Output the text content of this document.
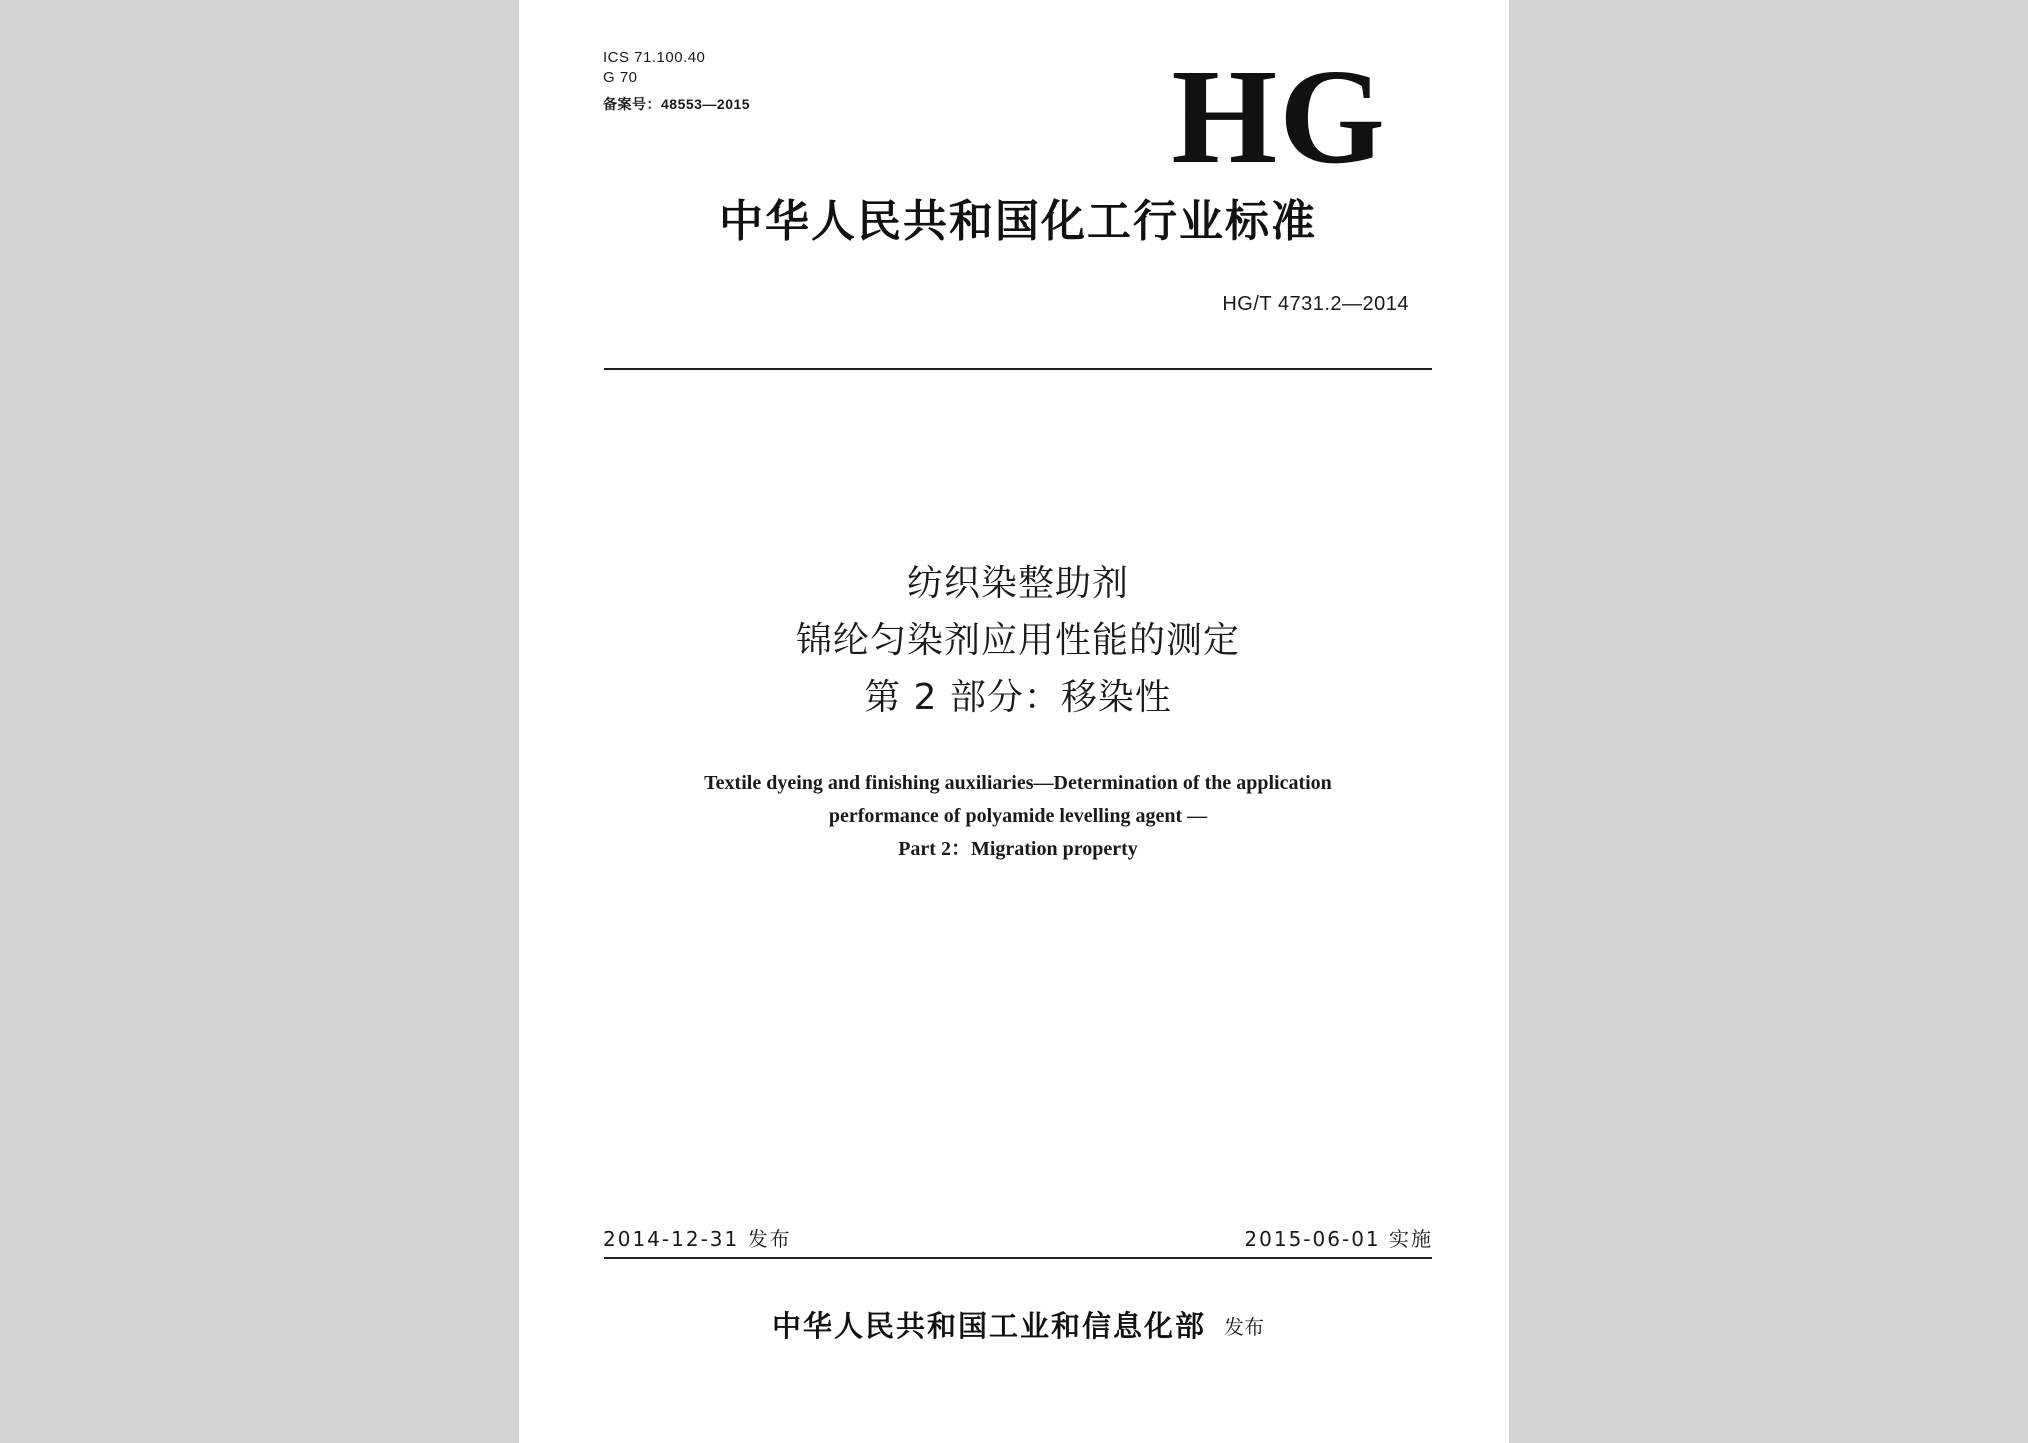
ICS 71.100.40
G 70
备案号：48553—2015	HG
中华人民共和国化工行业标准
HG/T 4731.2—2014
纺织染整助剂
锦纶匀染剂应用性能的测定
第 2 部分：移染性
Textile dyeing and finishing auxiliaries—Determination of the application
performance of polyamide levelling agent —
Part 2：Migration property
2014-12-31 发布	2015-06-01 实施
中华人民共和国工业和信息化部 发布
